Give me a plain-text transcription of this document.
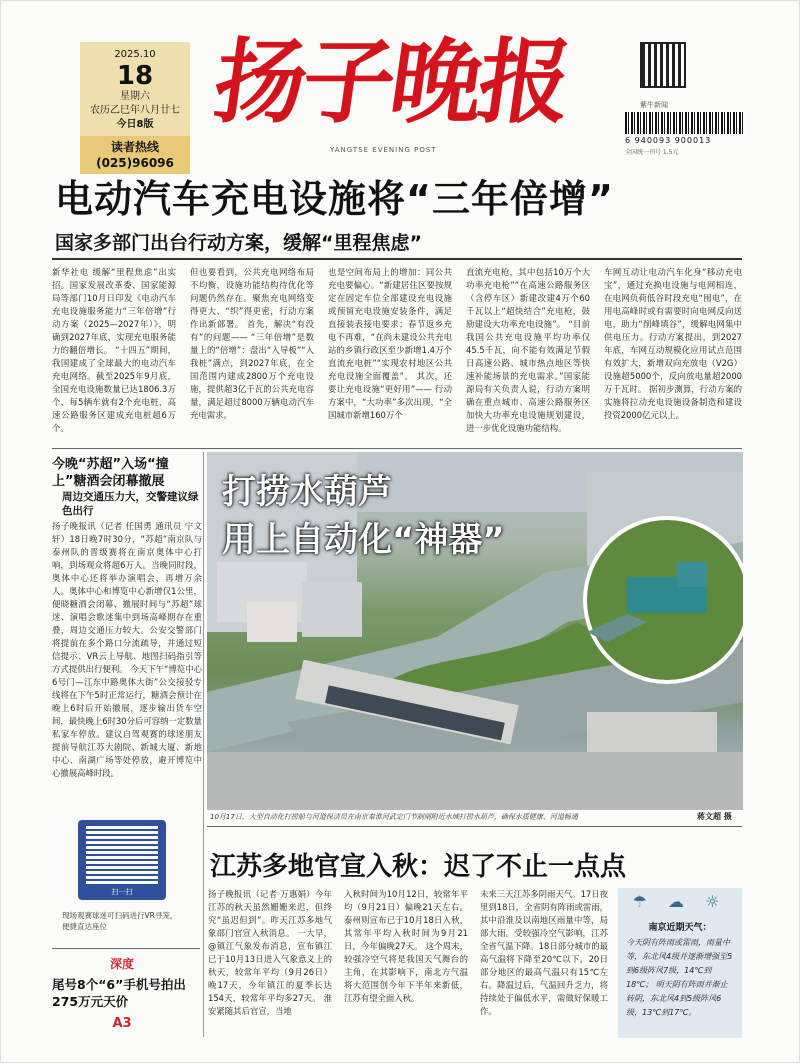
2025.10
18
星期六
农历乙巳年八月廿七
今日8版
读者热线
(025)96096
扬子晚报
YANGTSE EVENING POST
紫牛新闻
6 940093 900013
全国统一刊号 1.5元
电动汽车充电设施将“三年倍增”
国家多部门出台行动方案，缓解“里程焦虑”
新华社电 缓解“里程焦虑”出实招。国家发展改革委、国家能源局等部门10月日印发《电动汽车充电设施服务能力“三年倍增”行动方案（2025—2027年）》，明确到2027年底，实现充电服务能力的翻倍增长。 “十四五”期间，我国建成了全球最大的电动汽车充电网络。截至2025年9月底，全国充电设施数量已达1806.3万个，每5辆车就有2个充电桩，高速公路服务区建成充电桩超6万个。
但也要看到，公共充电网络布局不均衡，设施功能结构待优化等问题仍然存在。聚焦充电网络变得更大、“织”得更密，行动方案作出新部署。 首先，解决“有没有”的问题—— “三年倍增”是数量上的“倍增”：盘出“入导板”“入我桩”满点，到2027年底，在全国范围内建成2800万个充电设施，提供超3亿千瓦的公共充电容量，满足超过8000万辆电动汽车充电需求。
也是空间布局上的增加：同公共充电要偏心。“新建居住区要按规定在固定车位全部建设充电设施或预留充电设施安装条件，满足直接装表接电要求；春节返乡充电不再难，“在尚未建设公共充电站的乡镇行政区至少新增1.4万个直流充电桩”“实现农村地区公共充电设施全面覆盖”。 其次，还要让充电设施“更好用”—— 行动方案中，“大功率”多次出现，“全国城市新增160万个
直流充电枪，其中包括10万个大功率充电枪”“在高速公路服务区（含停车区）新建改建4万个60千瓦以上“超快结合”充电枪，鼓励建设大功率充电设施”。 “目前我国公共充电设施平均功率仅45.5千瓦，向不能有效满足节假日高速公路、城市热点地区等快速补能场景的充电需求。”国家能源局有关负责人说，行动方案明确在重点城市、高速公路服务区加快大功率充电设施规划建设，进一步优化设施功能结构。
车网互动让电动汽车化身“移动充电宝”，通过充换电设施与电网相连，在电网负荷低谷时段充电“囤电”，在用电高峰时或有需要时向电网反向送电，助力“削峰填谷”，缓解电网集中供电压力。行动方案提出，到2027年底，车网互动规模化应用试点范围有效扩大，新增双向充放电（V2G）设施超5000个，反向放电量超2000万千瓦时。 据初步测算，行动方案的实施将拉动充电设施设备制造和建设投资2000亿元以上。
今晚“苏超”入场“撞上”糖酒会闭幕撤展
周边交通压力大，交警建议绿色出行
扬子晚报讯（记者 任国勇 通讯员 宁文轩）18日晚7时30分，“苏超”南京队与泰州队的晋级赛将在南京奥体中心打响，到场观众将超6万人。当晚同时段，奥体中心还将举办演唱会，再增万余人。奥体中心和博览中心新增仅1公里，便晓糖酒会闭幕、撤展时间与“苏超”球迷、演唱会歌迷集中到场高峰期存在重叠，周边交通压力较大。公安交警部门将提前在多个路口分流疏导，并通过短信提示、VR云上导航、地图扫码指引等方式提供出行便利。 今天下午“博览中心6号门—江东中路奥体大街”公交接驳专线将在下午5时正常运行，糖酒会预计在晚上6时后开始撤展，逐步输出货车空间，最快晚上6时30分后可容纳一定数量私家车停放。建议自驾观赛的球迷朋友提前导航江苏大剧院、新城大厦、新地中心、南湖广场等处停放，避开博览中心撤展高峰时段。
扫一扫
现场观赛球迷可扫码进行VR寻笼，便捷直达座位
深度
尾号8个“6”手机号拍出275万元天价
A3
打捞水葫芦
用上自动化“神器”
10月17日，大型自动化打捞船与河道保洁员在南京秦淮河武定门节制闸附近水域打捞水葫芦，确保水质健康、河道畅通	蒋文超 摄
江苏多地官宣入秋：迟了不止一点点
扬子晚报讯（记者 万惠娟）今年江苏的秋天虽然姗姗来迟，但终究“虽迟但到”。昨天江苏多地气象部门官宣入秋消息。 一大早，@镇江气象发布消息，宣布镇江已于10月13日进入气象意义上的秋天，较常年平均（9月26日）晚17天，今年镇江的夏季长达154天，较常年平均多27天。 淮安紧随其后官宣，当地
入秋时间为10月12日，较常年平均（9月21日）偏晚21天左右。 泰州则宣布已于10月18日入秋，其常年平均入秋时间为9月21日，今年偏晚27天。 这个周末，较强冷空气将是我国天气舞台的主角，在其影响下，南北方气温将大范围创今年下半年来新低，江苏有望全面入秋。
未来三天江苏多阴雨天气。17日夜里到18日，全省阴有阵雨或雷雨，其中沿淮及以南地区雨量中等，局部大雨。受较强冷空气影响，江苏全省气温下降。18日部分城市的最高气温将下降至20℃以下，20日部分地区的最高气温只有15℃左右。降温过后，气温回升乏力，将持续处于偏低水平，需做好保暖工作。
☂ ☁ ☼
南京近期天气：
今天阴有阵雨或雷雨，雨量中等，东北风4级并逐渐增强至5到6级阵风7级，14℃到18℃； 明天阴有阵雨并渐止转阴，东北风4到5级阵风6级，13℃到17℃。
